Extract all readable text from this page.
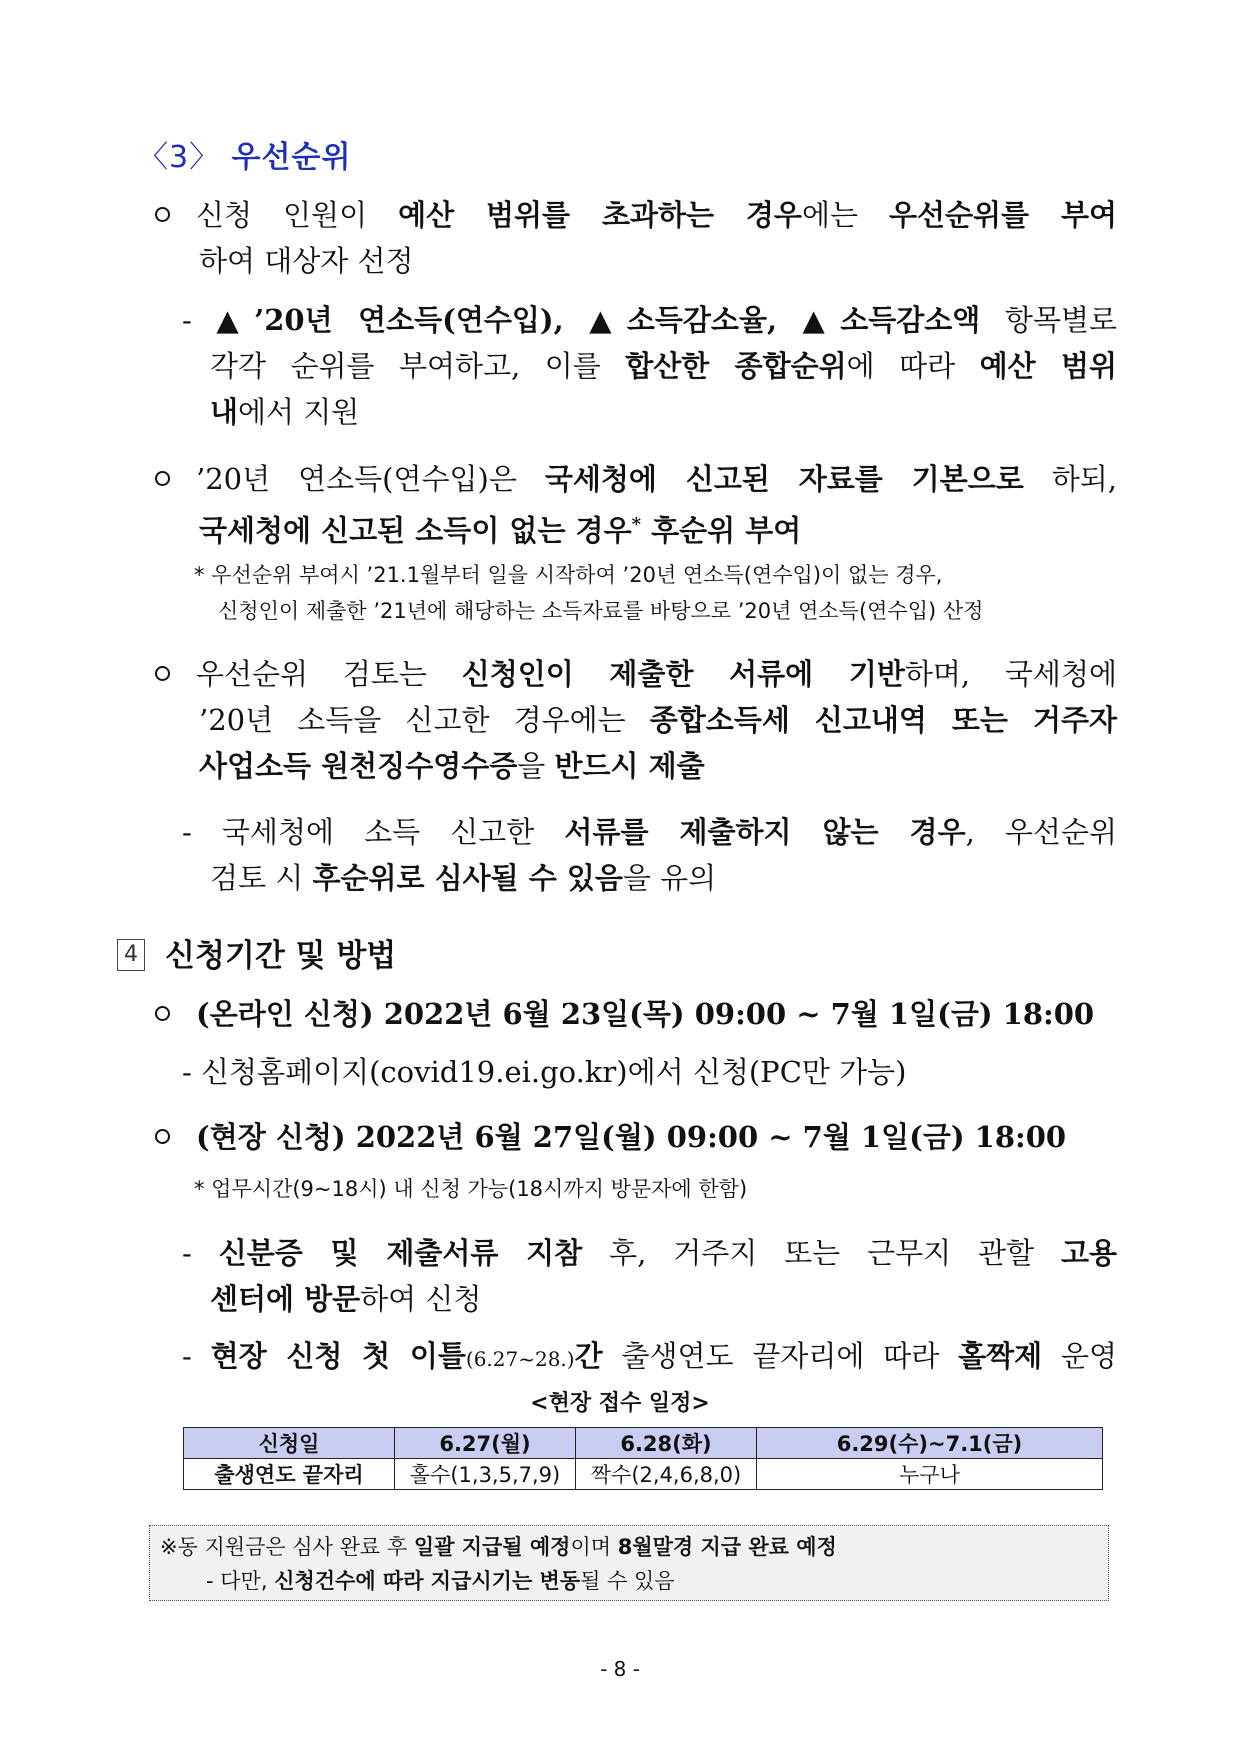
〈3〉 우선순위
신청 인원이 예산 범위를 초과하는 경우에는 우선순위를 부여
하여 대상자 선정
- ▲’20년 연소득(연수입), ▲소득감소율, ▲소득감소액 항목별로
각각 순위를 부여하고, 이를 합산한 종합순위에 따라 예산 범위
내에서 지원
’20년 연소득(연수입)은 국세청에 신고된 자료를 기본으로 하되,
국세청에 신고된 소득이 없는 경우* 후순위 부여
* 우선순위 부여시 ’21.1월부터 일을 시작하여 ’20년 연소득(연수입)이 없는 경우,
신청인이 제출한 ’21년에 해당하는 소득자료를 바탕으로 ’20년 연소득(연수입) 산정
우선순위 검토는 신청인이 제출한 서류에 기반하며, 국세청에
’20년 소득을 신고한 경우에는 종합소득세 신고내역 또는 거주자
사업소득 원천징수영수증을 반드시 제출
- 국세청에 소득 신고한 서류를 제출하지 않는 경우, 우선순위
검토 시 후순위로 심사될 수 있음을 유의
4 신청기간 및 방법
(온라인 신청) 2022년 6월 23일(목) 09:00 ~ 7월 1일(금) 18:00
- 신청홈페이지(covid19.ei.go.kr)에서 신청(PC만 가능)
(현장 신청) 2022년 6월 27일(월) 09:00 ~ 7월 1일(금) 18:00
* 업무시간(9~18시) 내 신청 가능(18시까지 방문자에 한함)
- 신분증 및 제출서류 지참 후, 거주지 또는 근무지 관할 고용
센터에 방문하여 신청
- 현장 신청 첫 이틀(6.27~28.)간 출생연도 끝자리에 따라 홀짝제 운영
<현장 접수 일정>
신청일	6.27(월)	6.28(화)	6.29(수)~7.1(금)
출생연도 끝자리	홀수(1,3,5,7,9)	짝수(2,4,6,8,0)	누구나
※동 지원금은 심사 완료 후 일괄 지급될 예정이며 8월말경 지급 완료 예정
- 다만, 신청건수에 따라 지급시기는 변동될 수 있음
- 8 -
